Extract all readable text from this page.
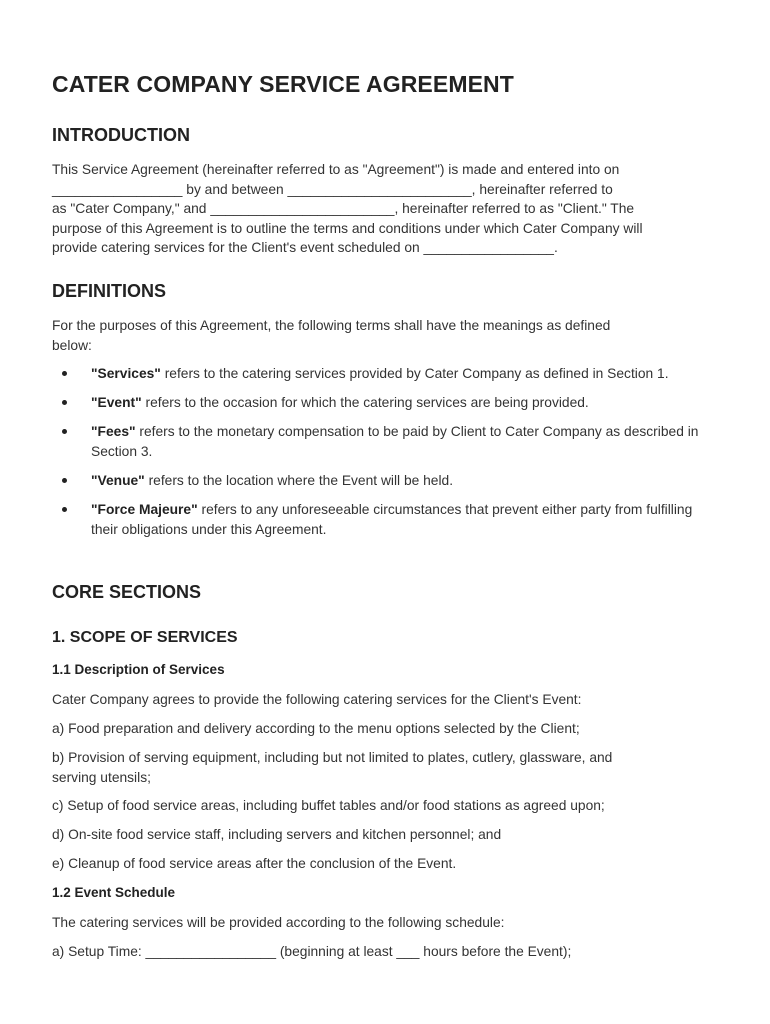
CATER COMPANY SERVICE AGREEMENT
INTRODUCTION

This Service Agreement (hereinafter referred to as "Agreement") is made and entered into on
_________________ by and between ________________________, hereinafter referred to
as "Cater Company," and ________________________, hereinafter referred to as "Client." The
purpose of this Agreement is to outline the terms and conditions under which Cater Company will
provide catering services for the Client's event scheduled on _________________.

DEFINITIONS

For the purposes of this Agreement, the following terms shall have the meanings as defined
below:

"Services" refers to the catering services provided by Cater Company as defined in Section 1.
"Event" refers to the occasion for which the catering services are being provided.
"Fees" refers to the monetary compensation to be paid by Client to Cater Company as described in Section 3.
"Venue" refers to the location where the Event will be held.
"Force Majeure" refers to any unforeseeable circumstances that prevent either party from fulfilling their obligations under this Agreement.
CORE SECTIONS
1. SCOPE OF SERVICES
1.1 Description of Services

Cater Company agrees to provide the following catering services for the Client's Event:

a) Food preparation and delivery according to the menu options selected by the Client;

b) Provision of serving equipment, including but not limited to plates, cutlery, glassware, and
serving utensils;

c) Setup of food service areas, including buffet tables and/or food stations as agreed upon;

d) On-site food service staff, including servers and kitchen personnel; and

e) Cleanup of food service areas after the conclusion of the Event.

1.2 Event Schedule

The catering services will be provided according to the following schedule:

a) Setup Time: _________________ (beginning at least ___ hours before the Event);
